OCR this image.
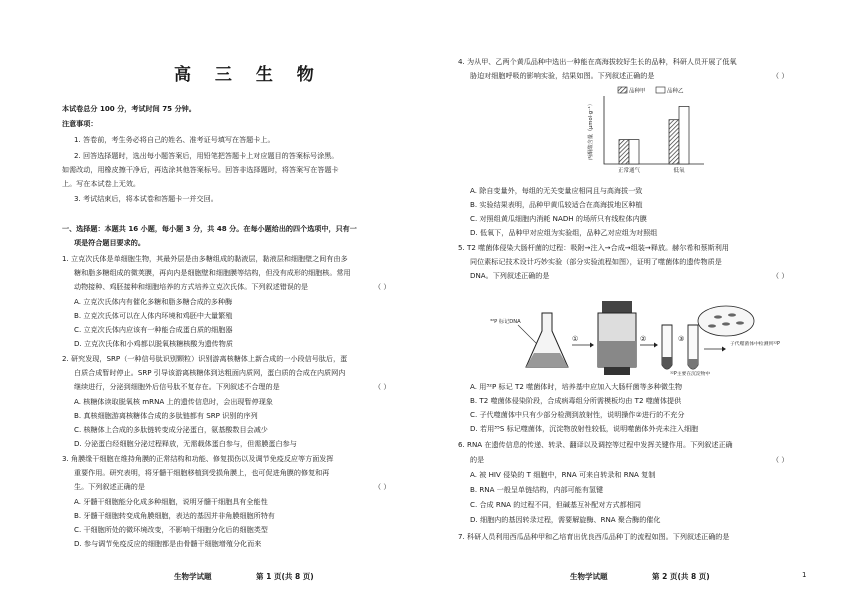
高 三 生 物
本试卷总分 100 分，考试时间 75 分钟。
注意事项：
1. 答卷前，考生务必将自己的姓名、准考证号填写在答题卡上。
2. 回答选择题时，选出每小题答案后，用铅笔把答题卡上对应题目的答案标号涂黑。
如需改动，用橡皮擦干净后，再选涂其他答案标号。回答非选择题时，将答案写在答题卡
上。写在本试卷上无效。
3. 考试结束后，将本试卷和答题卡一并交回。
一、选择题：本题共 16 小题，每小题 3 分，共 48 分。在每小题给出的四个选项中，只有一
项是符合题目要求的。
1. 立克次氏体是单细胞生物，其最外层是由多糖组成的黏液层，黏液层和细胞壁之间有由多
糖和脂多糖组成的微荚膜，再向内是细胞壁和细胞膜等结构，但没有成形的细胞核。常用
动物接种、鸡胚接种和细胞培养的方式培养立克次氏体。下列叙述错误的是	（ ）
A. 立克次氏体内有催化多糖和脂多糖合成的多种酶
B. 立克次氏体可以在人体内环境和鸡胚中大量繁殖
C. 立克次氏体内应该有一种能合成蛋白质的细胞器
D. 立克次氏体和小鸡都以脱氧核糖核酸为遗传物质
2. 研究发现，SRP（一种信号肽识别颗粒）识别游离核糖体上新合成的一小段信号肽后，蛋
白质合成暂时停止。SRP 引导该游离核糖体到达粗面内质网，蛋白质的合成在内质网内
继续进行，分泌到细胞外后信号肽不复存在。下列叙述不合理的是	（ ）
A. 核糖体读取脱氧核 mRNA 上的遗传信息时，会出现暂停现象
B. 真核细胞游离核糖体合成的多肽链都有 SRP 识别的序列
C. 核糖体上合成的多肽链转变成分泌蛋白，氨基酸数目会减少
D. 分泌蛋白经细胞分泌过程释放，无需载体蛋白参与，但需膜蛋白参与
3. 角膜缘干细胞在维持角膜的正常结构和功能、修复损伤以及调节免疫反应等方面发挥
重要作用。研究表明，将牙髓干细胞移植到受损角膜上，也可促进角膜的修复和再
生。下列叙述正确的是	（ ）
A. 牙髓干细胞能分化成多种细胞，说明牙髓干细胞具有全能性
B. 牙髓干细胞转变成角膜细胞，表达的基因并非角膜细胞所特有
C. 干细胞所处的微环境改变，不影响干细胞分化后的细胞类型
D. 参与调节免疫反应的细胞都是由骨髓干细胞增殖分化而来
生物学试题	第 1 页(共 8 页)
4. 为从甲、乙两个黄瓜品种中选出一种能在高海拔较好生长的品种，科研人员开展了低氧
胁迫对细胞呼吸的影响实验，结果如图。下列叙述正确的是	（ ）
品种甲	品种乙
正常通气	低氧
丙酮酸含量（μmol·g⁻¹）
A. 除自变量外，每组的无关变量应相同且与高海拔一致
B. 实验结果表明，品种甲黄瓜较适合在高海拔地区种植
C. 对照组黄瓜细胞内消耗 NADH 的场所只有线粒体内膜
D. 低氧下，品种甲对应组为实验组，品种乙对应组为对照组
5. T2 噬菌体侵染大肠杆菌的过程：吸附→注入→合成→组装→释放。赫尔希和蔡斯利用
同位素标记技术设计巧妙实验（部分实验流程如图），证明了噬菌体的遗传物质是
DNA。下列叙述正确的是	（ ）
³²P 标记DNA
①	②
³²P主要在沉淀物中
③
子代噬菌体中检测到³²P
A. 用³²P 标记 T2 噬菌体时，培养基中应加入大肠杆菌等多种微生物
B. T2 噬菌体侵染阶段，合成病毒组分所需模板均由 T2 噬菌体提供
C. 子代噬菌体中只有少部分检测到放射性，说明操作②进行的不充分
D. 若用³⁵S 标记噬菌体，沉淀物放射性较低，说明噬菌体外壳未注入细胞
6. RNA 在遗传信息的传递、转录、翻译以及调控等过程中发挥关键作用。下列叙述正确
的是	（ ）
A. 被 HIV 侵染的 T 细胞中，RNA 可来自转录和 RNA 复制
B. RNA 一般呈单链结构，内部可能有氢键
C. 合成 RNA 的过程不同，但碱基互补配对方式都相同
D. 细胞内的基因转录过程，需要解旋酶、RNA 聚合酶的催化
7. 科研人员利用西瓜品种甲和乙培育出优良西瓜品种丁的流程如图。下列叙述正确的是
生物学试题	第 2 页(共 8 页)	1
